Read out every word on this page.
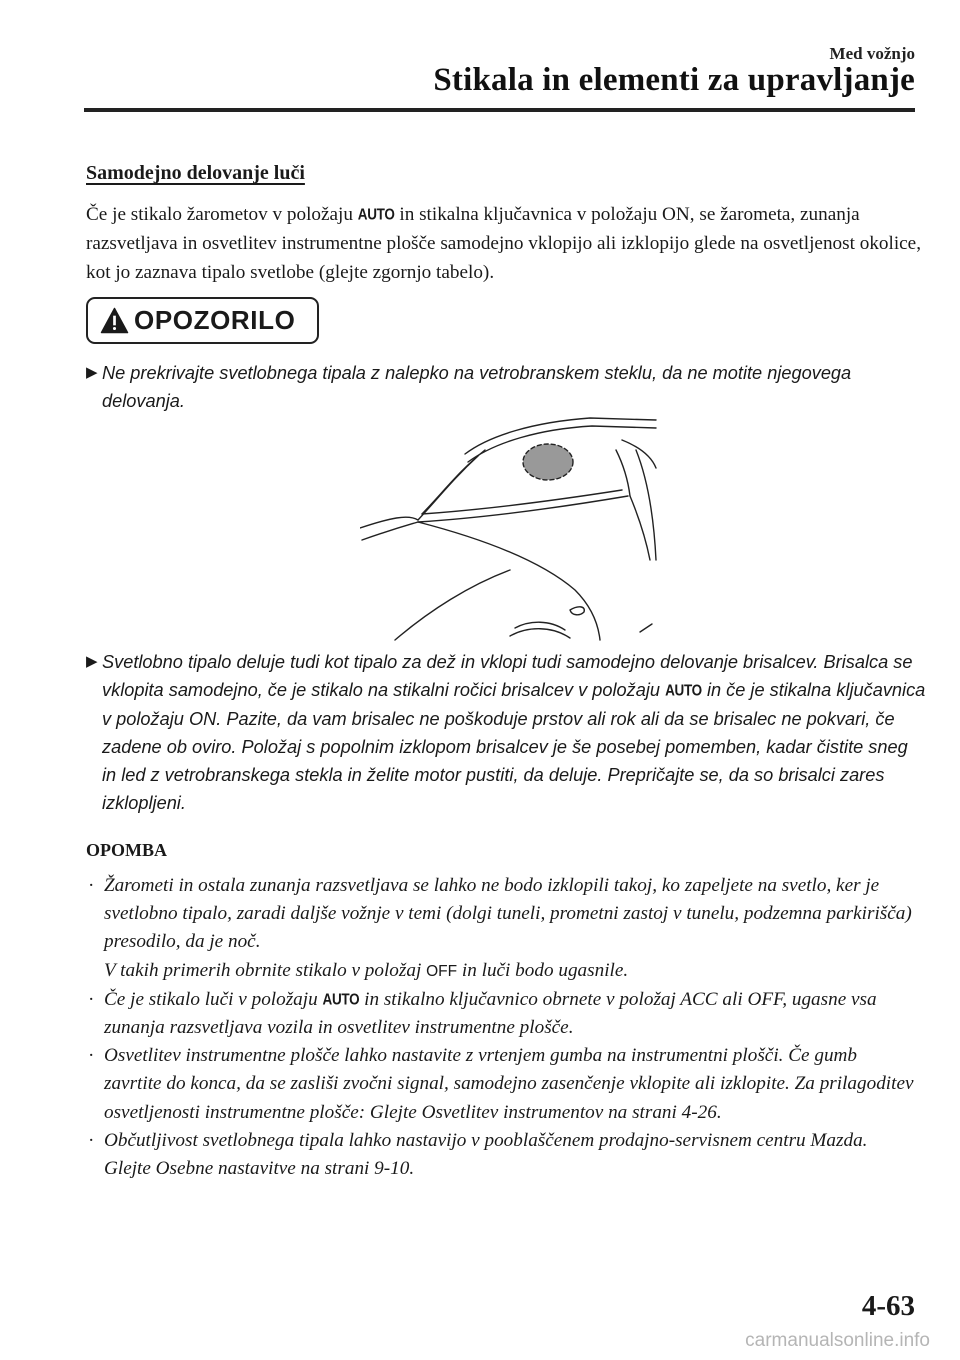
Med vožnjo
Stikala in elementi za upravljanje
Samodejno delovanje luči

Če je stikalo žarometov v položaju AUTO in stikalna ključavnica v položaju ON, se žarometa, zunanja razsvetljava in osvetlitev instrumentne plošče samodejno vklopijo ali izklopijo glede na osvetljenost okolice, kot jo zaznava tipalo svetlobe (glejte zgornjo tabelo).

OPOZORILO

▶︎ Ne prekrivajte svetlobnega tipala z nalepko na vetrobranskem steklu, da ne motite njegovega delovanja.

▶︎ Svetlobno tipalo deluje tudi kot tipalo za dež in vklopi tudi samodejno delovanje brisalcev. Brisalca se vklopita samodejno, če je stikalo na stikalni ročici brisalcev v položaju AUTO in če je stikalna ključavnica v položaju ON. Pazite, da vam brisalec ne poškoduje prstov ali rok ali da se brisalec ne pokvari, če zadene ob oviro. Položaj s popolnim izklopom brisalcev je še posebej pomemben, kadar čistite sneg in led z vetrobranskega stekla in želite motor pustiti, da deluje. Prepričajte se, da so brisalci zares izklopljeni.

OPOMBA
· Žarometi in ostala zunanja razsvetljava se lahko ne bodo izklopili takoj, ko zapeljete na svetlo, ker je svetlobno tipalo, zaradi daljše vožnje v temi (dolgi tuneli, prometni zastoj v tunelu, podzemna parkirišča) presodilo, da je noč.
V takih primerih obrnite stikalo v položaj OFF in luči bodo ugasnile.
· Če je stikalo luči v položaju AUTO in stikalno ključavnico obrnete v položaj ACC ali OFF, ugasne vsa zunanja razsvetljava vozila in osvetlitev instrumentne plošče.
· Osvetlitev instrumentne plošče lahko nastavite z vrtenjem gumba na instrumentni plošči. Če gumb zavrtite do konca, da se zasliši zvočni signal, samodejno zasenčenje vklopite ali izklopite. Za prilagoditev osvetljenosti instrumentne plošče: Glejte Osvetlitev instrumentov na strani 4-26.
· Občutljivost svetlobnega tipala lahko nastavijo v pooblaščenem prodajno-servisnem centru Mazda. Glejte Osebne nastavitve na strani 9-10.
4-63
carmanualsonline.info
